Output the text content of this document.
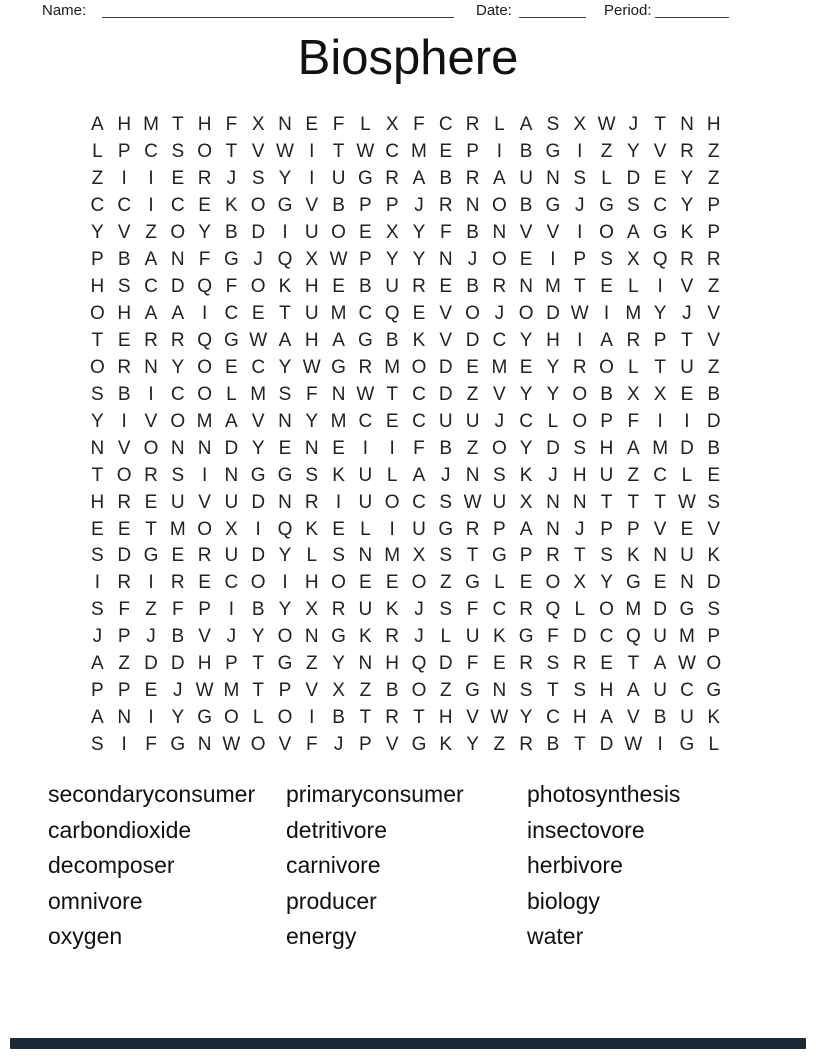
Name:	Date:	Period:
Biosphere
A H M T H F X N E F L X F C R L A S X W J T N H
L P C S O T V W I T W C M E P I B G I Z Y V R Z
Z I	I E R J S Y I U G R A B R A U N S L D E Y Z
C C I C E K O G V B P P J R N O B G J G S C Y P
Y V Z O Y B D I U O E X Y F B N V V I O A G K P
P B A N F G J Q X W P Y Y N J O E I P S X Q R R
H S C D Q F O K H E B U R E B R N M T E L I V Z
O H A A I C E T U M C Q E V O J O D W I M Y J V
T E R R Q G W A H A G B K V D C Y H I A R P T V
O R N Y O E C Y W G R M O D E M E Y R O L T U Z
S B I C O L M S F N W T C D Z V Y Y O B X X E B
Y I V O M A V N Y M C E C U U J C L O P F I	I D
N V O N N D Y E N E I	I F B Z O Y D S H A M D B
T O R S I N G G S K U L A J N S K J H U Z C L E
H R E U V U D N R I U O C S W U X N N T T T W S
E E T M O X I Q K E L I U G R P A N J P P V E V
S D G E R U D Y L S N M X S T G P R T S K N U K
I R I R E C O I H O E E O Z G L E O X Y G E N D
S F Z F P I B Y X R U K J S F C R Q L O M D G S
J P J B V J Y O N G K R J L U K G F D C Q U M P
A Z D D H P T G Z Y N H Q D F E R S R E T A W O
P P E J W M T P V X Z B O Z G N S T S H A U C G
A N I Y G O L O I B T R T H V W Y C H A V B U K
S I F G N W O V F J P V G K Y Z R B T D W I G L
secondaryconsumer
carbondioxide
decomposer
omnivore
oxygen
primaryconsumer
detritivore
carnivore
producer
energy
photosynthesis
insectovore
herbivore
biology
water
